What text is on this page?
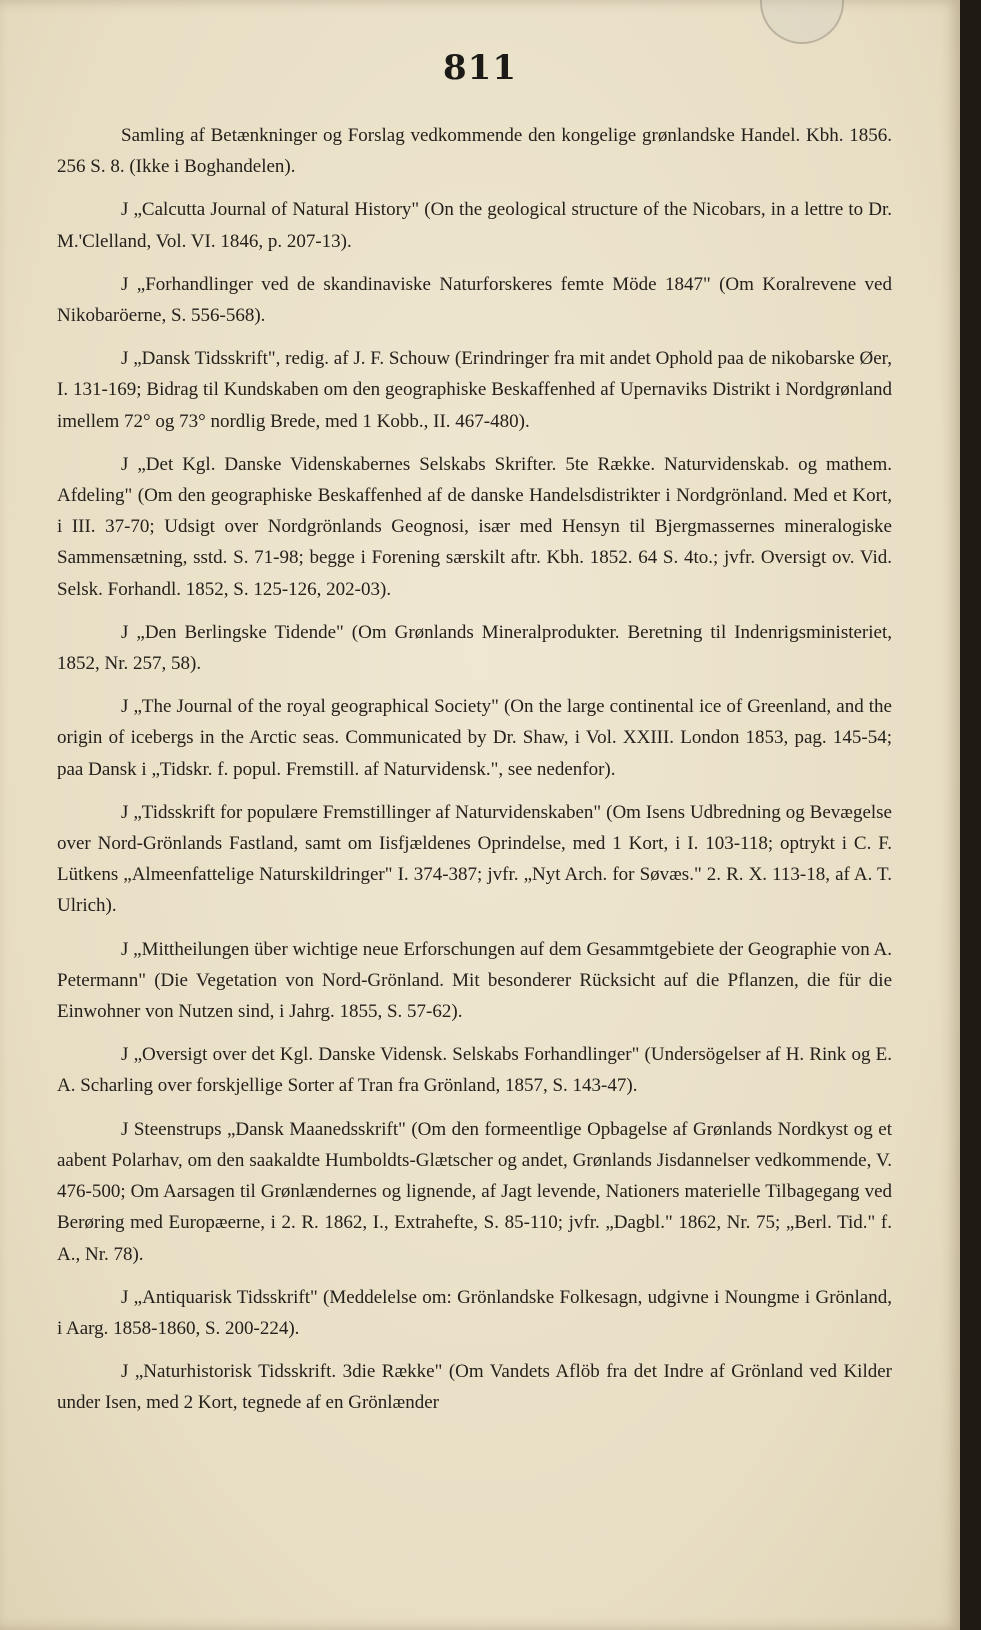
811

Samling af Betænkninger og Forslag vedkommende den kongelige grønlandske Handel. Kbh. 1856. 256 S. 8. (Ikke i Boghandelen).

J „Calcutta Journal of Natural History" (On the geological structure of the Nicobars, in a lettre to Dr. M.'Clelland, Vol. VI. 1846, p. 207-13).

J „Forhandlinger ved de skandinaviske Naturforskeres femte Möde 1847" (Om Koralrevene ved Nikobaröerne, S. 556-568).

J „Dansk Tidsskrift", redig. af J. F. Schouw (Erindringer fra mit andet Ophold paa de nikobarske Øer, I. 131-169; Bidrag til Kundskaben om den geographiske Beskaffenhed af Upernaviks Distrikt i Nordgrønland imellem 72° og 73° nordlig Brede, med 1 Kobb., II. 467-480).

J „Det Kgl. Danske Videnskabernes Selskabs Skrifter. 5te Række. Naturvidenskab. og mathem. Afdeling" (Om den geographiske Beskaffenhed af de danske Handelsdistrikter i Nordgrönland. Med et Kort, i III. 37-70; Udsigt over Nordgrönlands Geognosi, især med Hensyn til Bjergmassernes mineralogiske Sammensætning, sstd. S. 71-98; begge i Forening særskilt aftr. Kbh. 1852. 64 S. 4to.; jvfr. Oversigt ov. Vid. Selsk. Forhandl. 1852, S. 125-126, 202-03).

J „Den Berlingske Tidende" (Om Grønlands Mineralprodukter. Beretning til Indenrigsministeriet, 1852, Nr. 257, 58).

J „The Journal of the royal geographical Society" (On the large continental ice of Greenland, and the origin of icebergs in the Arctic seas. Communicated by Dr. Shaw, i Vol. XXIII. London 1853, pag. 145-54; paa Dansk i „Tidskr. f. popul. Fremstill. af Naturvidensk.", see nedenfor).

J „Tidsskrift for populære Fremstillinger af Naturvidenskaben" (Om Isens Udbredning og Bevægelse over Nord-Grönlands Fastland, samt om Iisfjældenes Oprindelse, med 1 Kort, i I. 103-118; optrykt i C. F. Lütkens „Almeenfattelige Naturskildringer" I. 374-387; jvfr. „Nyt Arch. for Søvæs." 2. R. X. 113-18, af A. T. Ulrich).

J „Mittheilungen über wichtige neue Erforschungen auf dem Gesammtgebiete der Geographie von A. Petermann" (Die Vegetation von Nord-Grönland. Mit besonderer Rücksicht auf die Pflanzen, die für die Einwohner von Nutzen sind, i Jahrg. 1855, S. 57-62).

J „Oversigt over det Kgl. Danske Vidensk. Selskabs Forhandlinger" (Undersögelser af H. Rink og E. A. Scharling over forskjellige Sorter af Tran fra Grönland, 1857, S. 143-47).

J Steenstrups „Dansk Maanedsskrift" (Om den formeentlige Opbagelse af Grønlands Nordkyst og et aabent Polarhav, om den saakaldte Humboldts-Glætscher og andet, Grønlands Jisdannelser vedkommende, V. 476-500; Om Aarsagen til Grønlændernes og lignende, af Jagt levende, Nationers materielle Tilbagegang ved Berøring med Europæerne, i 2. R. 1862, I., Extrahefte, S. 85-110; jvfr. „Dagbl." 1862, Nr. 75; „Berl. Tid." f. A., Nr. 78).

J „Antiquarisk Tidsskrift" (Meddelelse om: Grönlandske Folkesagn, udgivne i Noungme i Grönland, i Aarg. 1858-1860, S. 200-224).

J „Naturhistorisk Tidsskrift. 3die Række" (Om Vandets Aflöb fra det Indre af Grönland ved Kilder under Isen, med 2 Kort, tegnede af en Grönlænder
